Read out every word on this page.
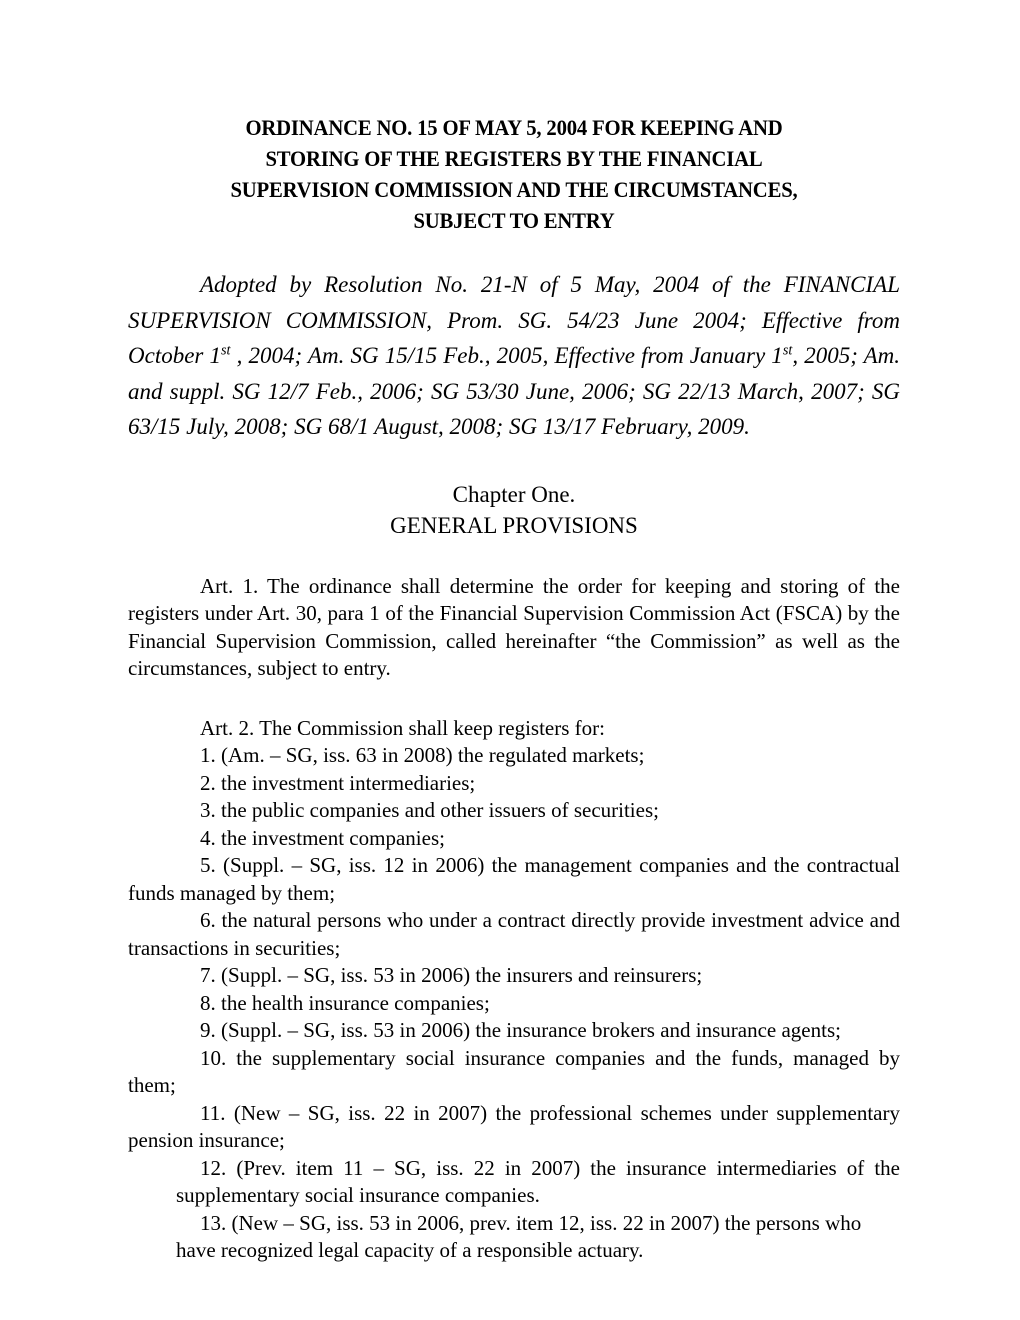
ORDINANCE NO. 15 OF MAY 5, 2004 FOR KEEPING AND
STORING OF THE REGISTERS BY THE FINANCIAL
SUPERVISION COMMISSION AND THE CIRCUMSTANCES,
SUBJECT TO ENTRY

Adopted by Resolution No. 21-N of 5 May, 2004 of the FINANCIAL SUPERVISION COMMISSION, Prom. SG. 54/23 June 2004; Effective from October 1st , 2004; Am. SG 15/15 Feb., 2005, Effective from January 1st, 2005; Am. and suppl. SG 12/7 Feb., 2006; SG 53/30 June, 2006; SG 22/13 March, 2007; SG 63/15 July, 2008; SG 68/1 August, 2008; SG 13/17 February, 2009.

Chapter One.
GENERAL PROVISIONS

Art. 1. The ordinance shall determine the order for keeping and storing of the registers under Art. 30, para 1 of the Financial Supervision Commission Act (FSCA) by the Financial Supervision Commission, called hereinafter “the Commission” as well as the circumstances, subject to entry.

Art. 2. The Commission shall keep registers for:

1. (Am. – SG, iss. 63 in 2008) the regulated markets;

2. the investment intermediaries;

3. the public companies and other issuers of securities;

4. the investment companies;

5. (Suppl. – SG, iss. 12 in 2006) the management companies and the contractual funds managed by them;

6. the natural persons who under a contract directly provide investment advice and transactions in securities;

7. (Suppl. – SG, iss. 53 in 2006) the insurers and reinsurers;

8. the health insurance companies;

9. (Suppl. – SG, iss. 53 in 2006) the insurance brokers and insurance agents;

10. the supplementary social insurance companies and the funds, managed by them;

11. (New – SG, iss. 22 in 2007) the professional schemes under supplementary pension insurance;

12. (Prev. item 11 – SG, iss. 22 in 2007) the insurance intermediaries of the supplementary social insurance companies.

13. (New – SG, iss. 53 in 2006, prev. item 12, iss. 22 in 2007) the persons who have recognized legal capacity of a responsible actuary.
